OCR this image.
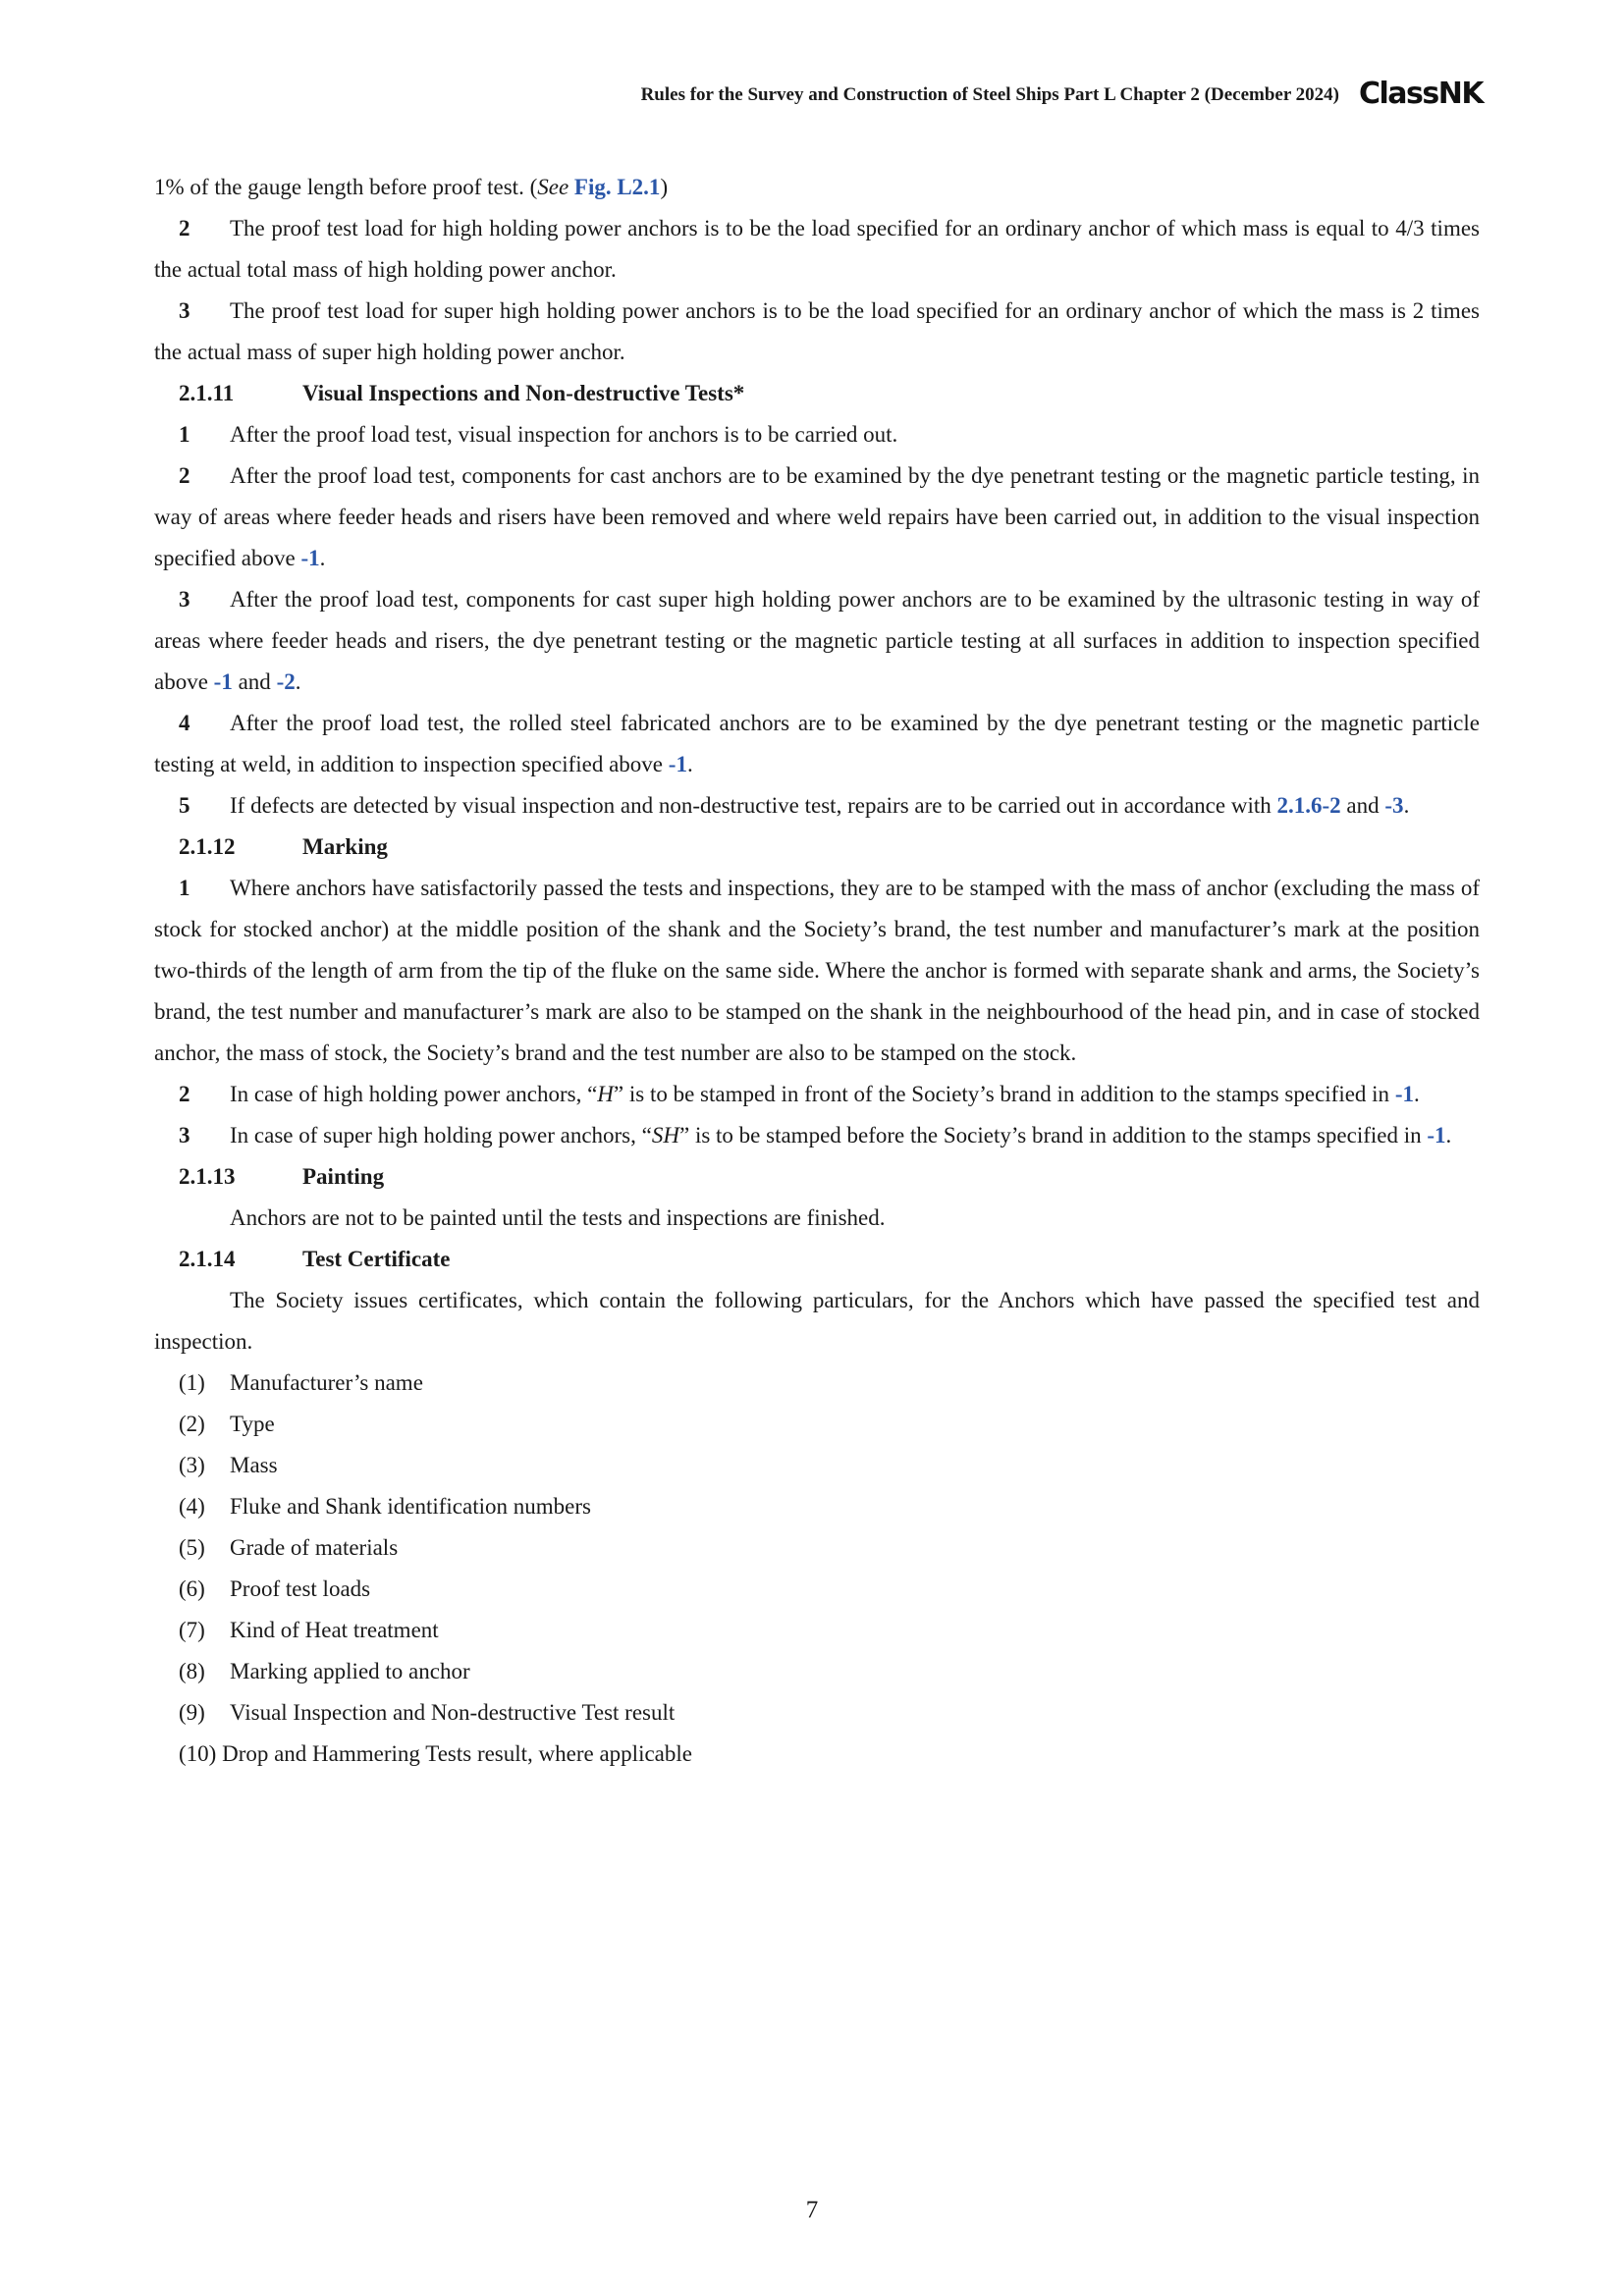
Rules for the Survey and Construction of Steel Ships Part L Chapter 2 (December 2024) ClassNK

1% of the gauge length before proof test. (See Fig. L2.1)

2 The proof test load for high holding power anchors is to be the load specified for an ordinary anchor of which mass is equal to 4/3 times the actual total mass of high holding power anchor.

3 The proof test load for super high holding power anchors is to be the load specified for an ordinary anchor of which the mass is 2 times the actual mass of super high holding power anchor.

2.1.11	Visual Inspections and Non-destructive Tests*

1 After the proof load test, visual inspection for anchors is to be carried out.

2 After the proof load test, components for cast anchors are to be examined by the dye penetrant testing or the magnetic particle testing, in way of areas where feeder heads and risers have been removed and where weld repairs have been carried out, in addition to the visual inspection specified above -1.

3 After the proof load test, components for cast super high holding power anchors are to be examined by the ultrasonic testing in way of areas where feeder heads and risers, the dye penetrant testing or the magnetic particle testing at all surfaces in addition to inspection specified above -1 and -2.

4 After the proof load test, the rolled steel fabricated anchors are to be examined by the dye penetrant testing or the magnetic particle testing at weld, in addition to inspection specified above -1.

5 If defects are detected by visual inspection and non-destructive test, repairs are to be carried out in accordance with 2.1.6-2 and -3.

2.1.12	Marking

1 Where anchors have satisfactorily passed the tests and inspections, they are to be stamped with the mass of anchor (excluding the mass of stock for stocked anchor) at the middle position of the shank and the Society’s brand, the test number and manufacturer’s mark at the position two-thirds of the length of arm from the tip of the fluke on the same side. Where the anchor is formed with separate shank and arms, the Society’s brand, the test number and manufacturer’s mark are also to be stamped on the shank in the neighbourhood of the head pin, and in case of stocked anchor, the mass of stock, the Society’s brand and the test number are also to be stamped on the stock.

2 In case of high holding power anchors, “H” is to be stamped in front of the Society’s brand in addition to the stamps specified in -1.

3 In case of super high holding power anchors, “SH” is to be stamped before the Society’s brand in addition to the stamps specified in -1.

2.1.13	Painting

Anchors are not to be painted until the tests and inspections are finished.

2.1.14	Test Certificate

The Society issues certificates, which contain the following particulars, for the Anchors which have passed the specified test and inspection.

(1) Manufacturer’s name

(2) Type

(3) Mass

(4) Fluke and Shank identification numbers

(5) Grade of materials

(6) Proof test loads

(7) Kind of Heat treatment

(8) Marking applied to anchor

(9) Visual Inspection and Non-destructive Test result

(10) Drop and Hammering Tests result, where applicable

7
